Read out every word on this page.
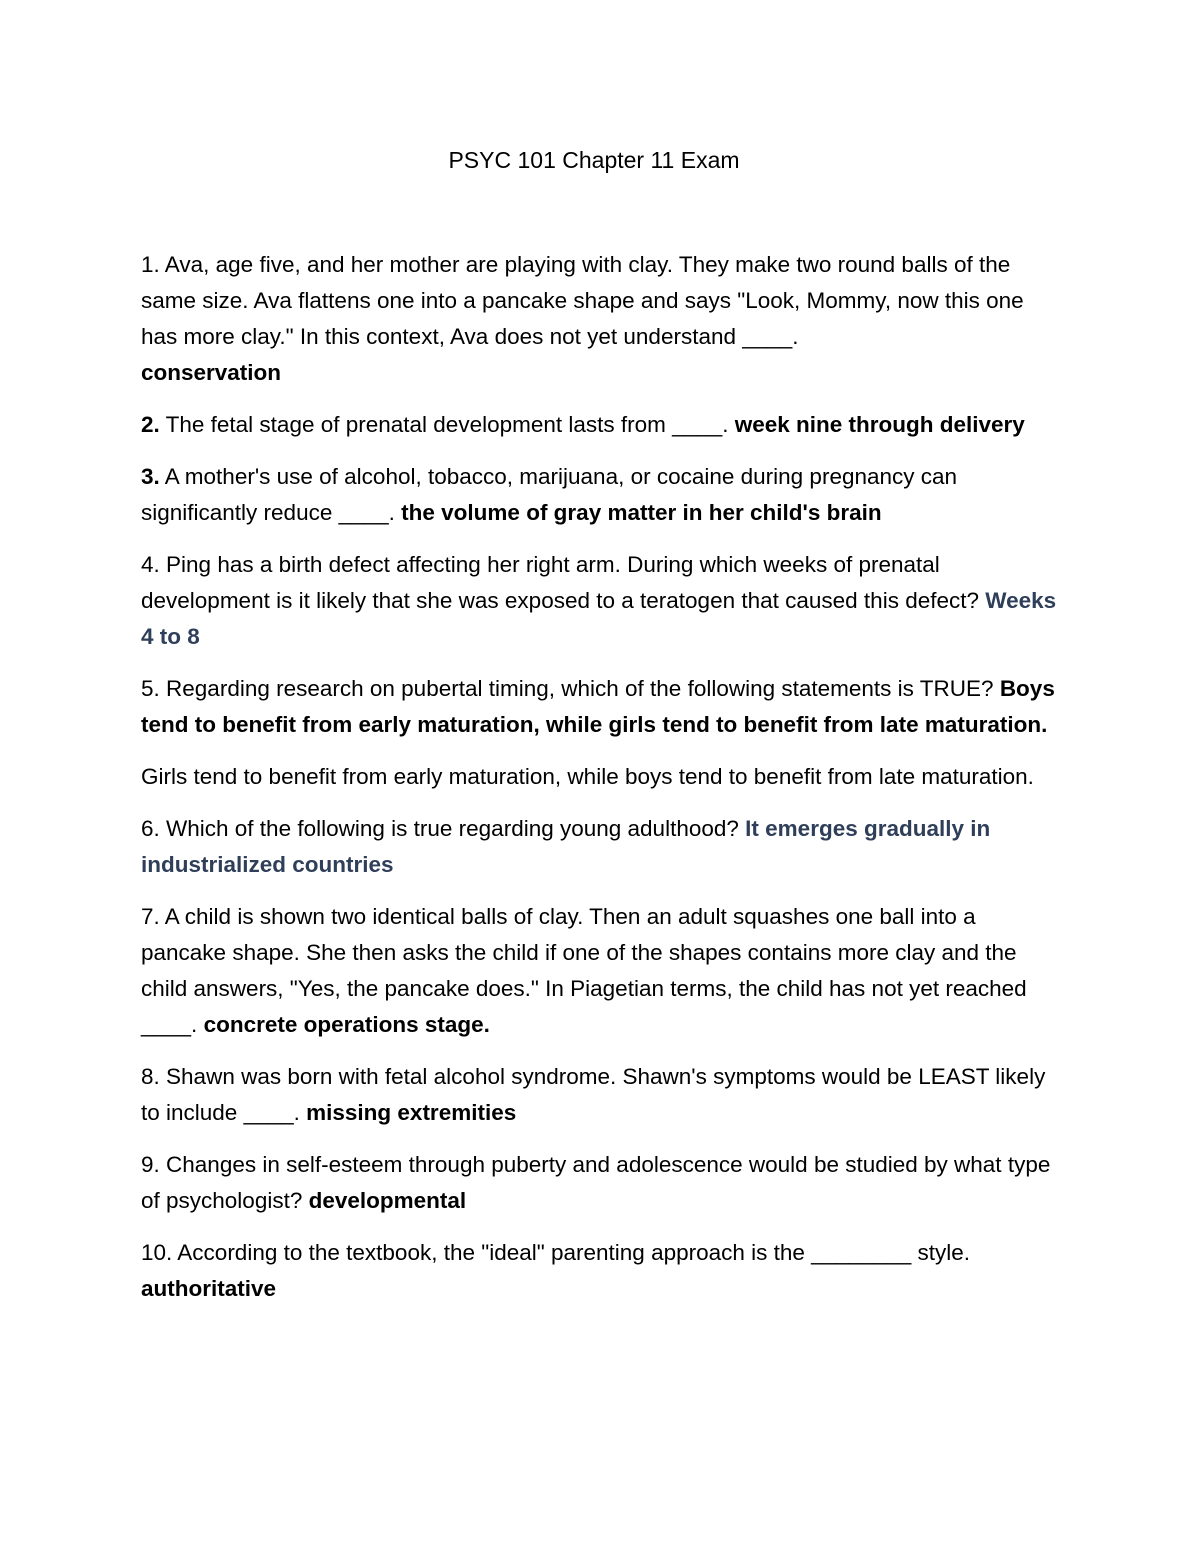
PSYC 101 Chapter 11 Exam

1. Ava, age five, and her mother are playing with clay. They make two round balls of the same size. Ava flattens one into a pancake shape and says "Look, Mommy, now this one has more clay." In this context, Ava does not yet understand ____.
conservation

2. The fetal stage of prenatal development lasts from ____. week nine through delivery

3. A mother's use of alcohol, tobacco, marijuana, or cocaine during pregnancy can significantly reduce ____. the volume of gray matter in her child's brain

4. Ping has a birth defect affecting her right arm. During which weeks of prenatal development is it likely that she was exposed to a teratogen that caused this defect? Weeks 4 to 8

5. Regarding research on pubertal timing, which of the following statements is TRUE? Boys tend to benefit from early maturation, while girls tend to benefit from late maturation.

Girls tend to benefit from early maturation, while boys tend to benefit from late maturation.

6. Which of the following is true regarding young adulthood? It emerges gradually in industrialized countries

7. A child is shown two identical balls of clay. Then an adult squashes one ball into a pancake shape. She then asks the child if one of the shapes contains more clay and the child answers, "Yes, the pancake does." In Piagetian terms, the child has not yet reached ____. concrete operations stage.

8. Shawn was born with fetal alcohol syndrome. Shawn's symptoms would be LEAST likely to include ____. missing extremities

9. Changes in self-esteem through puberty and adolescence would be studied by what type of psychologist? developmental

10. According to the textbook, the "ideal" parenting approach is the ________ style. authoritative
